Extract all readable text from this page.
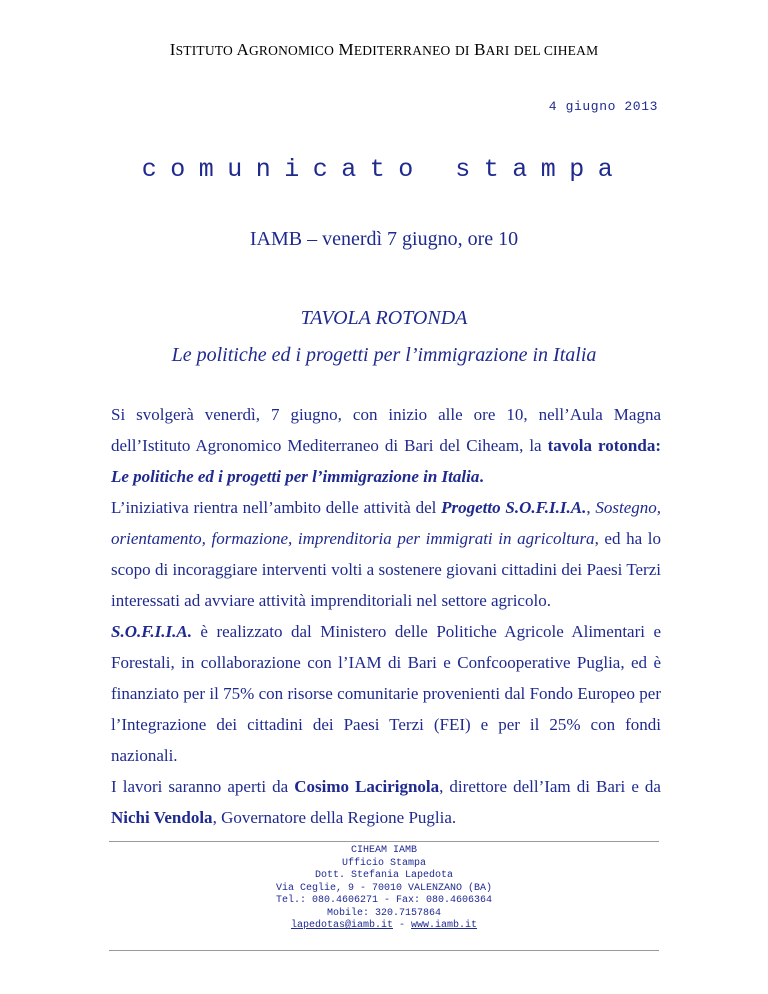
ISTITUTO AGRONOMICO MEDITERRANEO DI BARI DEL CIHEAM
4 giugno 2013
comunicato stampa
IAMB – venerdì 7 giugno, ore 10
TAVOLA ROTONDA
Le politiche ed i progetti per l’immigrazione in Italia

Si svolgerà venerdì, 7 giugno, con inizio alle ore 10, nell’Aula Magna dell’Istituto Agronomico Mediterraneo di Bari del Ciheam, la tavola rotonda: Le politiche ed i progetti per l’immigrazione in Italia.

L’iniziativa rientra nell’ambito delle attività del Progetto S.O.F.I.I.A., Sostegno, orientamento, formazione, imprenditoria per immigrati in agricoltura, ed ha lo scopo di incoraggiare interventi volti a sostenere giovani cittadini dei Paesi Terzi interessati ad avviare attività imprenditoriali nel settore agricolo.

S.O.F.I.I.A. è realizzato dal Ministero delle Politiche Agricole Alimentari e Forestali, in collaborazione con l’IAM di Bari e Confcooperative Puglia, ed è finanziato per il 75% con risorse comunitarie provenienti dal Fondo Europeo per l’Integrazione dei cittadini dei Paesi Terzi (FEI) e per il 25% con fondi nazionali.

I lavori saranno aperti da Cosimo Lacirignola, direttore dell’Iam di Bari e da Nichi Vendola, Governatore della Regione Puglia.

CIHEAM IAMB
Ufficio Stampa
Dott. Stefania Lapedota
Via Ceglie, 9 - 70010 VALENZANO (BA)
Tel.: 080.4606271 - Fax: 080.4606364
Mobile: 320.7157864
lapedotas@iamb.it - www.iamb.it
